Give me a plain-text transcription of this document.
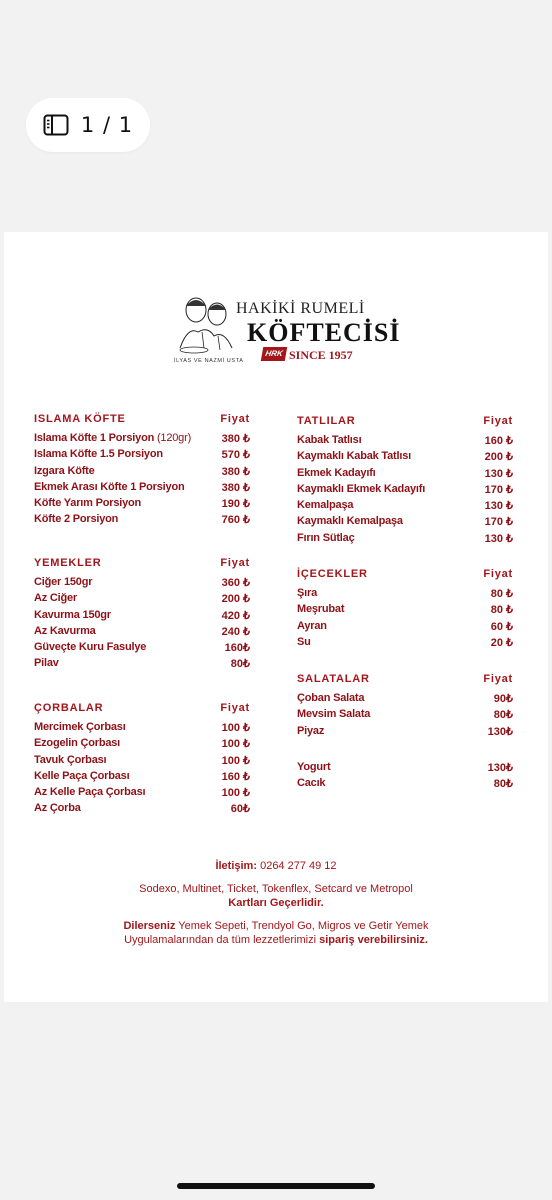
1 / 1
HAKİKİ RUMELİ
KÖFTECİSİ
HRK SINCE 1957
İLYAS VE NAZMİ USTA
ISLAMA KÖFTE	Fiyat
Islama Köfte 1 Porsiyon (120gr)	380 ₺
Islama Köfte 1.5 Porsiyon	570 ₺
Izgara Köfte	380 ₺
Ekmek Arası Köfte 1 Porsiyon	380 ₺
Köfte Yarım Porsiyon	190 ₺
Köfte 2 Porsiyon	760 ₺
YEMEKLER	Fiyat
Ciğer 150gr	360 ₺
Az Ciğer	200 ₺
Kavurma 150gr	420 ₺
Az Kavurma	240 ₺
Güveçte Kuru Fasulye	160₺
Pilav	80₺
ÇORBALAR	Fiyat
Mercimek Çorbası	100 ₺
Ezogelin Çorbası	100 ₺
Tavuk Çorbası	100 ₺
Kelle Paça Çorbası	160 ₺
Az Kelle Paça Çorbası	100 ₺
Az Çorba	60₺
TATLILAR	Fiyat
Kabak Tatlısı	160 ₺
Kaymaklı Kabak Tatlısı	200 ₺
Ekmek Kadayıfı	130 ₺
Kaymaklı Ekmek Kadayıfı	170 ₺
Kemalpaşa	130 ₺
Kaymaklı Kemalpaşa	170 ₺
Fırın Sütlaç	130 ₺
İÇECEKLER	Fiyat
Şıra	80 ₺
Meşrubat	80 ₺
Ayran	60 ₺
Su	20 ₺
SALATALAR	Fiyat
Çoban Salata	90₺
Mevsim Salata	80₺
Piyaz	130₺
Yogurt	130₺
Cacık	80₺
İletişim: 0264 277 49 12
Sodexo, Multinet, Ticket, Tokenflex, Setcard ve Metropol
Kartları Geçerlidir.
Dilerseniz Yemek Sepeti, Trendyol Go, Migros ve Getir Yemek
Uygulamalarından da tüm lezzetlerimizi sipariş verebilirsiniz.
